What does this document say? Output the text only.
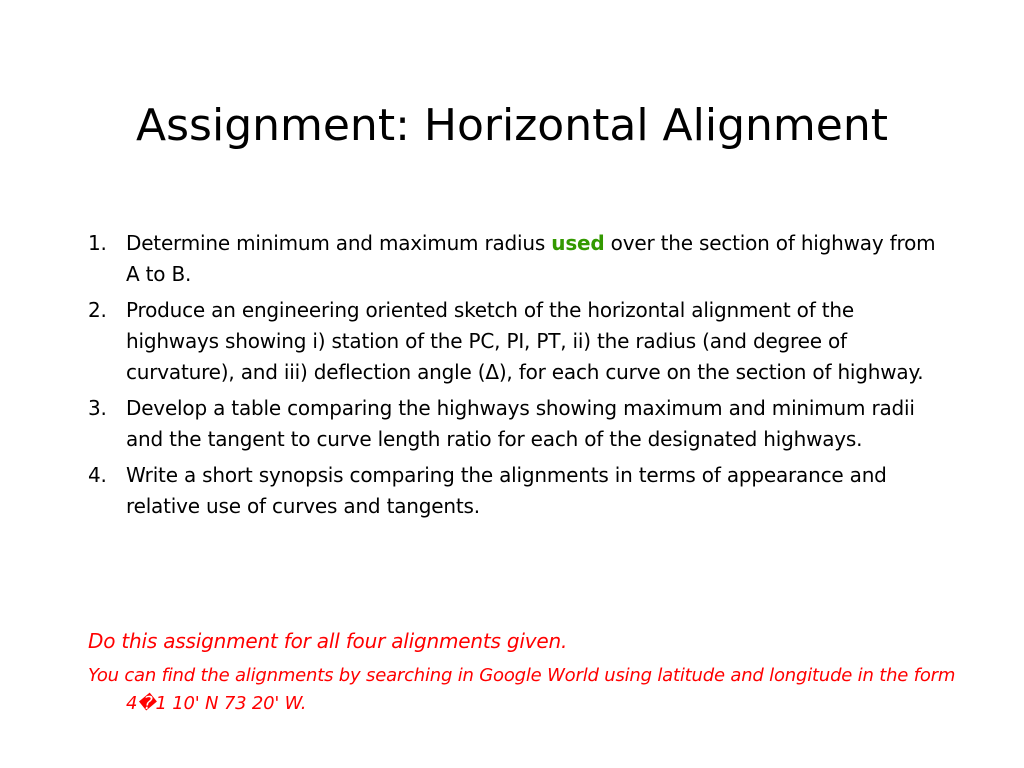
Assignment: Horizontal Alignment
1. Determine minimum and maximum radius used over the section of highway from A to B.
2. Produce an engineering oriented sketch of the horizontal alignment of the highways showing i) station of the PC, PI, PT, ii) the radius (and degree of curvature), and iii) deflection angle (Δ), for each curve on the section of highway.
3. Develop a table comparing the highways showing maximum and minimum radii and the tangent to curve length ratio for each of the designated highways.
4. Write a short synopsis comparing the alignments in terms of appearance and relative use of curves and tangents.

Do this assignment for all four alignments given.

You can find the alignments by searching in Google World using latitude and longitude in the form 4�1 10' N 73 20' W.
